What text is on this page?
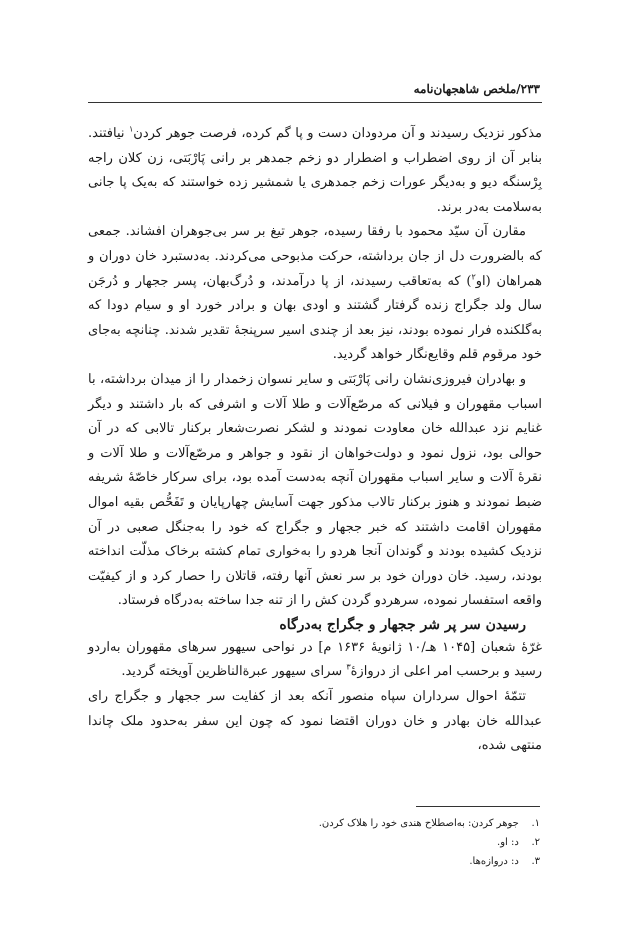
۲۳۳/ملخص شاهجهان‌نامه

مذکور نزدیک رسیدند و آن مردودان دست و پا گم کرده، فرصت جوهر کردن$^۱$ نیافتند. بنابر آن از روی اضطراب و اضطرار دو زخم جمدهر بر رانی پَارْبَتی، زن کلان راجه بِرْسنگه دیو و به‌دیگر عورات زخم جمدهری یا شمشیر زده خواستند که به‌یک پا جانی به‌سلامت به‌در برند.

مقارن آن سیّد محمود با رفقا رسیده، جوهر تیغ بر سر بی‌جوهران افشاند. جمعی که بالضرورت دل از جان برداشته، حرکت مذبوحی می‌کردند. به‌دستبرد خان دوران و همراهان (او$^۲$) که به‌تعاقب رسیدند، از پا درآمدند، و دُرگ‌بهان، پسر ججهار و دُرجَن سال ولد جگراج زنده گرفتار گشتند و اودی بهان و برادر خورد او و سیام دودا که به‌گلکنده فرار نموده بودند، نیز بعد از چندی اسیر سرپنجهٔ تقدیر شدند. چنانچه به‌جای خود مرقوم قلم وقایع‌نگار خواهد گردید.

و بهادران فیروزی‌نشان رانی پَارْبَتی و سایر نسوان زخمدار را از میدان برداشته، با اسباب مقهوران و فیلانی که مرصّع‌آلات و طلا آلات و اشرفی که بار داشتند و دیگر غنایم نزد عبدالله خان معاودت نمودند و لشکر نصرت‌شعار برکنار تالابی که در آن حوالی بود، نزول نمود و دولت‌خواهان از نقود و جواهر و مرصّع‌آلات و طلا آلات و نقرهٔ آلات و سایر اسباب مقهوران آنچه به‌دست آمده بود، برای سرکار خاصّهٔ شریفه ضبط نمودند و هنوز برکنار تالاب مذکور جهت آسایش چهارپایان و تَفَحُّص بقیه اموال مقهوران اقامت داشتند که خبر ججهار و جگراج که خود را به‌جنگل صعبی در آن نزدیک کشیده بودند و گوندان آنجا هردو را به‌خواری تمام کشته برخاک مذلّت انداخته بودند، رسید. خان دوران خود بر سر نعش آنها رفته، قاتلان را حصار کرد و از کیفیّت واقعه استفسار نموده، سرهردو گردن کش را از تنه جدا ساخته به‌درگاه فرستاد.

رسیدن سر پر شر ججهار و جگراج به‌درگاه

غرّهٔ شعبان [۱۰۴۵ هـ/۱۰ ژانویهٔ ۱۶۳۶ م] در نواحی سیهور سرهای مقهوران به‌اردو رسید و برحسب امر اعلی از دروازهٔ$^۳$ سرای سیهور عبرةالناظرین آویخته گردید.

تتمّهٔ احوال سرداران سپاه منصور آنکه بعد از کفایت سر ججهار و جگراج رای عبدالله خان بهادر و خان دوران اقتضا نمود که چون این سفر به‌حدود ملک چاندا منتهی شده،

۱. جوهر کردن: به‌اصطلاح هندی خود را هلاک کردن.
۲. د: او.
۳. د: دروازه‌ها.
